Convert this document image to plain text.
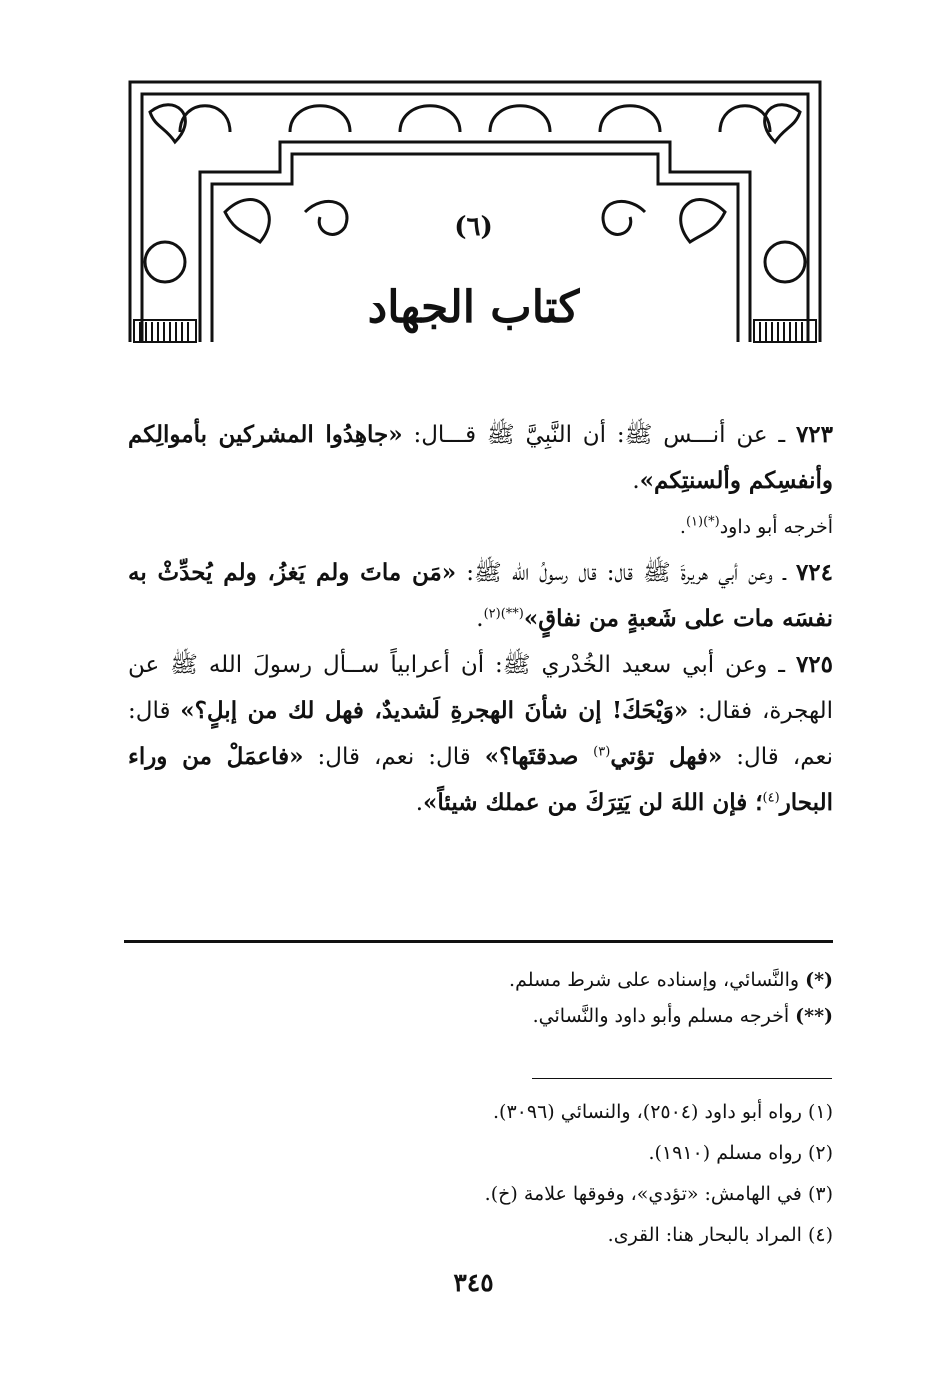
(٦)
كتاب الجهاد

٧٢٣ ـ عن أنـــس ﷺ: أن النَّبِيَّ ﷺ قـــال: «جاهِدُوا المشركين بأموالِكم وأنفسِكم وألسنتِكم».

أخرجه أبو داود$^{(*)(١)}$.

٧٢٤ ـ وعن أبي هريرةَ ﷺ قال: قال رسولُ الله ﷺ: «مَن ماتَ ولم يَغزُ، ولم يُحدِّثْ به نفسَه مات على شَعبةٍ من نفاقٍ»$^{(**)(٢)}$.

٧٢٥ ـ وعن أبي سعيد الخُدْري ﷺ: أن أعرابياً ســأل رسولَ الله ﷺ عن الهجرة، فقال: «وَيْحَكَ! إن شأنَ الهجرةِ لَشديدٌ، فهل لك من إبلٍ؟» قال: نعم، قال: «فهل تؤتي$^{(٣)}$ صدقتَها؟» قال: نعم، قال: «فاعمَلْ من وراء البحار$^{(٤)}$؛ فإن اللهَ لن يَتِرَكَ من عملك شيئاً».

(*) والنَّسائي، وإسناده على شرط مسلم.
(**) أخرجه مسلم وأبو داود والنَّسائي.

(١) رواه أبو داود (٢٥٠٤)، والنسائي (٣٠٩٦).

(٢) رواه مسلم (١٩١٠).

(٣) في الهامش: «تؤدي»، وفوقها علامة (خ).

(٤) المراد بالبحار هنا: القرى.

٣٤٥
